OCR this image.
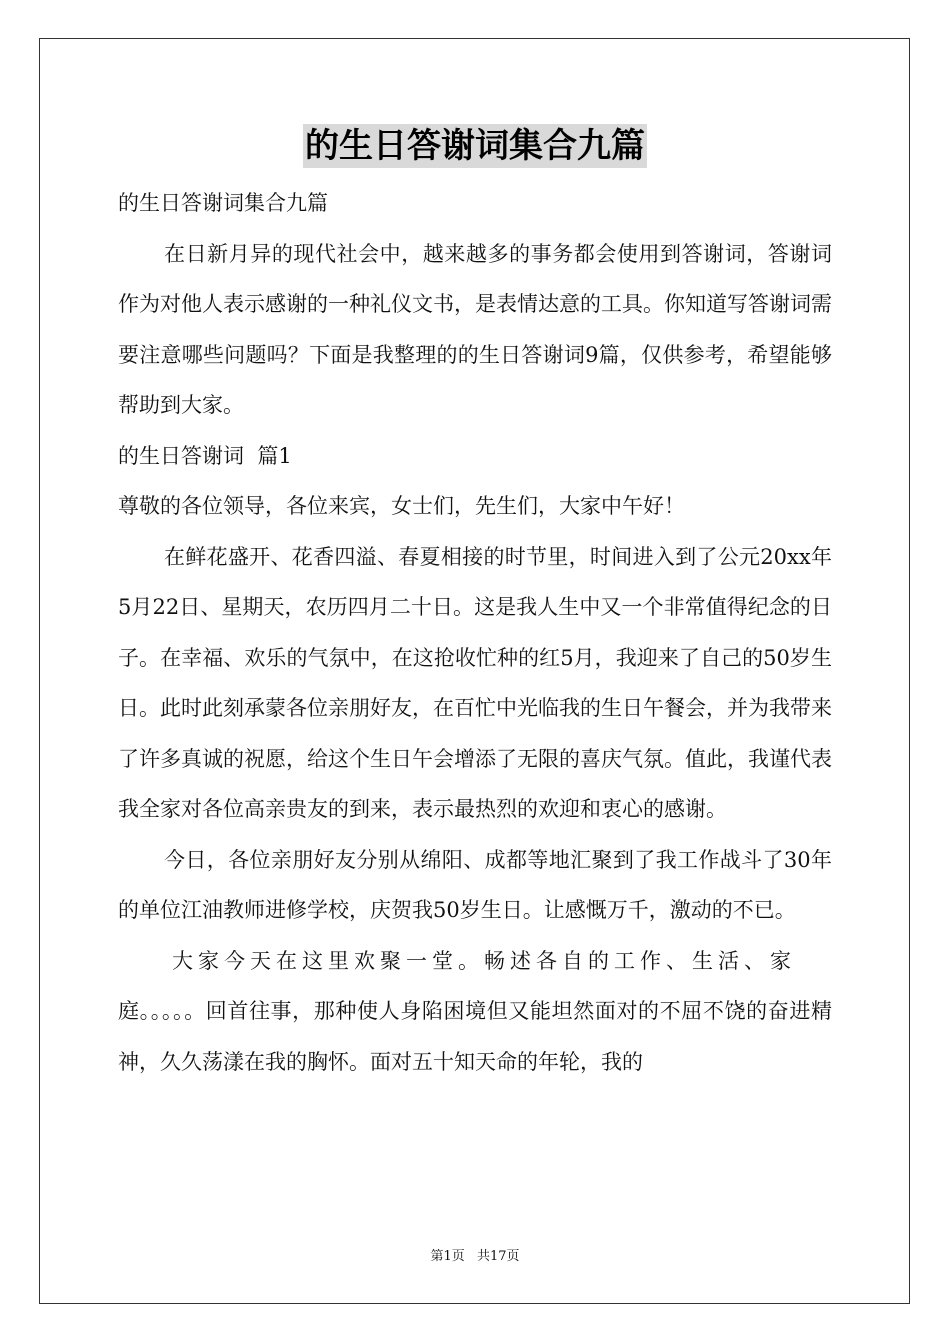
的生日答谢词集合九篇

的生日答谢词集合九篇

在日新月异的现代社会中，越来越多的事务都会使用到答谢词，答谢词作为对他人表示感谢的一种礼仪文书，是表情达意的工具。你知道写答谢词需要注意哪些问题吗？下面是我整理的的生日答谢词9篇，仅供参考，希望能够帮助到大家。

的生日答谢词  篇1

尊敬的各位领导，各位来宾，女士们，先生们，大家中午好！

在鲜花盛开、花香四溢、春夏相接的时节里，时间进入到了公元20xx年5月22日、星期天，农历四月二十日。这是我人生中又一个非常值得纪念的日子。在幸福、欢乐的气氛中，在这抢收忙种的红5月，我迎来了自己的50岁生日。此时此刻承蒙各位亲朋好友，在百忙中光临我的生日午餐会，并为我带来了许多真诚的祝愿，给这个生日午会增添了无限的喜庆气氛。值此，我谨代表我全家对各位高亲贵友的到来，表示最热烈的欢迎和衷心的感谢。

今日，各位亲朋好友分别从绵阳、成都等地汇聚到了我工作战斗了30年的单位江油教师进修学校，庆贺我50岁生日。让感慨万千，激动的不已。

大家今天在这里欢聚一堂。畅述各自的工作、生活、家

庭。。。。。回首往事，那种使人身陷困境但又能坦然面对的不屈不饶的奋进精神，久久荡漾在我的胸怀。面对五十知天命的年轮，我的

第1页 共17页
